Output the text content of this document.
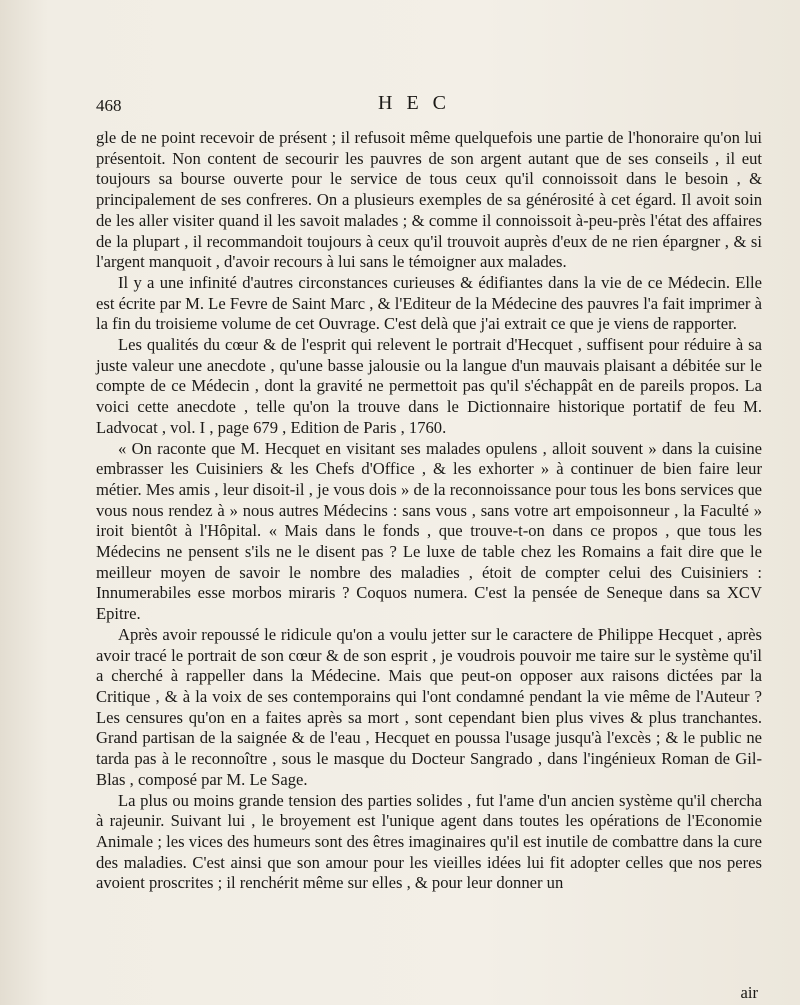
468	HEC

gle de ne point recevoir de présent ; il refusoit même quelquefois une partie de l'honoraire qu'on lui présentoit. Non content de secourir les pauvres de son argent autant que de ses conseils , il eut toujours sa bourse ouverte pour le service de tous ceux qu'il connoissoit dans le besoin , & principalement de ses confreres. On a plusieurs exemples de sa générosité à cet égard. Il avoit soin de les aller visiter quand il les savoit malades ; & comme il connoissoit à-peu-près l'état des affaires de la plupart , il recommandoit toujours à ceux qu'il trouvoit auprès d'eux de ne rien épargner , & si l'argent manquoit , d'avoir recours à lui sans le témoigner aux malades.

Il y a une infinité d'autres circonstances curieuses & édifiantes dans la vie de ce Médecin. Elle est écrite par M. Le Fevre de Saint Marc , & l'Editeur de la Médecine des pauvres l'a fait imprimer à la fin du troisieme volume de cet Ouvrage. C'est delà que j'ai extrait ce que je viens de rapporter.

Les qualités du cœur & de l'esprit qui relevent le portrait d'Hecquet , suffisent pour réduire à sa juste valeur une anecdote , qu'une basse jalousie ou la langue d'un mauvais plaisant a débitée sur le compte de ce Médecin , dont la gravité ne permettoit pas qu'il s'échappât en de pareils propos. La voici cette anecdote , telle qu'on la trouve dans le Dictionnaire historique portatif de feu M. Ladvocat , vol. I , page 679 , Edition de Paris , 1760.

« On raconte que M. Hecquet en visitant ses malades opulens , alloit souvent » dans la cuisine embrasser les Cuisiniers & les Chefs d'Office , & les exhorter » à continuer de bien faire leur métier. Mes amis , leur disoit-il , je vous dois » de la reconnoissance pour tous les bons services que vous nous rendez à » nous autres Médecins : sans vous , sans votre art empoisonneur , la Faculté » iroit bientôt à l'Hôpital. « Mais dans le fonds , que trouve-t-on dans ce propos , que tous les Médecins ne pensent s'ils ne le disent pas ? Le luxe de table chez les Romains a fait dire que le meilleur moyen de savoir le nombre des maladies , étoit de compter celui des Cuisiniers : Innumerabiles esse morbos miraris ? Coquos numera. C'est la pensée de Seneque dans sa XCV Epitre.

Après avoir repoussé le ridicule qu'on a voulu jetter sur le caractere de Philippe Hecquet , après avoir tracé le portrait de son cœur & de son esprit , je voudrois pouvoir me taire sur le système qu'il a cherché à rappeller dans la Médecine. Mais que peut-on opposer aux raisons dictées par la Critique , & à la voix de ses contemporains qui l'ont condamné pendant la vie même de l'Auteur ? Les censures qu'on en a faites après sa mort , sont cependant bien plus vives & plus tranchantes. Grand partisan de la saignée & de l'eau , Hecquet en poussa l'usage jusqu'à l'excès ; & le public ne tarda pas à le reconnoître , sous le masque du Docteur Sangrado , dans l'ingénieux Roman de Gil-Blas , composé par M. Le Sage.

La plus ou moins grande tension des parties solides , fut l'ame d'un ancien système qu'il chercha à rajeunir. Suivant lui , le broyement est l'unique agent dans toutes les opérations de l'Economie Animale ; les vices des humeurs sont des êtres imaginaires qu'il est inutile de combattre dans la cure des maladies. C'est ainsi que son amour pour les vieilles idées lui fit adopter celles que nos peres avoient proscrites ; il renchérit même sur elles , & pour leur donner un

air
